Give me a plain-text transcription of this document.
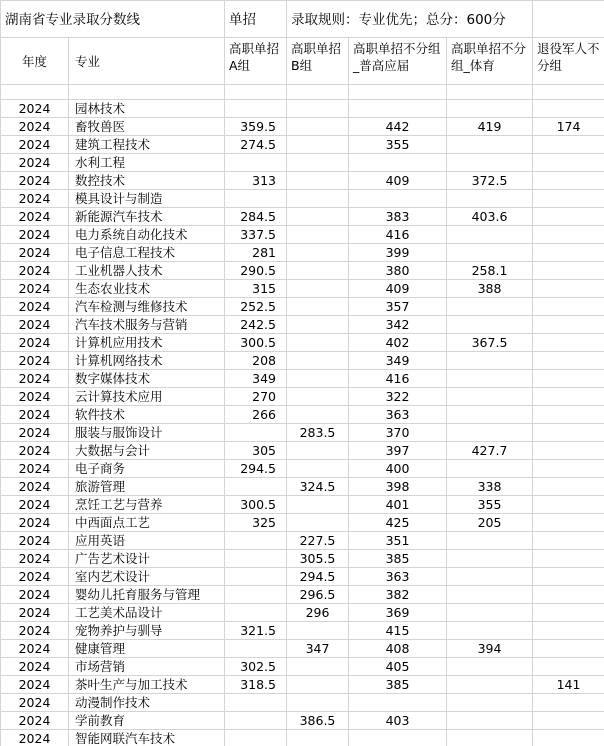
湖南省专业录取分数线		单招	录取规则：专业优先；总分：600分			
年度	专业	高职单招A组	高职单招B组	高职单招不分组_普高应届	高职单招不分组_体育	退役军人不分组

2024	园林技术					
2024	畜牧兽医	359.5		442	419	174
2024	建筑工程技术	274.5		355		
2024	水利工程					
2024	数控技术	313		409	372.5	
2024	模具设计与制造					
2024	新能源汽车技术	284.5		383	403.6	
2024	电力系统自动化技术	337.5		416		
2024	电子信息工程技术	281		399		
2024	工业机器人技术	290.5		380	258.1	
2024	生态农业技术	315		409	388	
2024	汽车检测与维修技术	252.5		357		
2024	汽车技术服务与营销	242.5		342		
2024	计算机应用技术	300.5		402	367.5	
2024	计算机网络技术	208		349		
2024	数字媒体技术	349		416		
2024	云计算技术应用	270		322		
2024	软件技术	266		363		
2024	服装与服饰设计		283.5	370		
2024	大数据与会计	305		397	427.7	
2024	电子商务	294.5		400		
2024	旅游管理		324.5	398	338	
2024	烹饪工艺与营养	300.5		401	355	
2024	中西面点工艺	325		425	205	
2024	应用英语		227.5	351		
2024	广告艺术设计		305.5	385		
2024	室内艺术设计		294.5	363		
2024	婴幼儿托育服务与管理		296.5	382		
2024	工艺美术品设计		296	369		
2024	宠物养护与驯导	321.5		415		
2024	健康管理		347	408	394	
2024	市场营销	302.5		405		
2024	茶叶生产与加工技术	318.5		385		141
2024	动漫制作技术					
2024	学前教育		386.5	403		
2024	智能网联汽车技术					
